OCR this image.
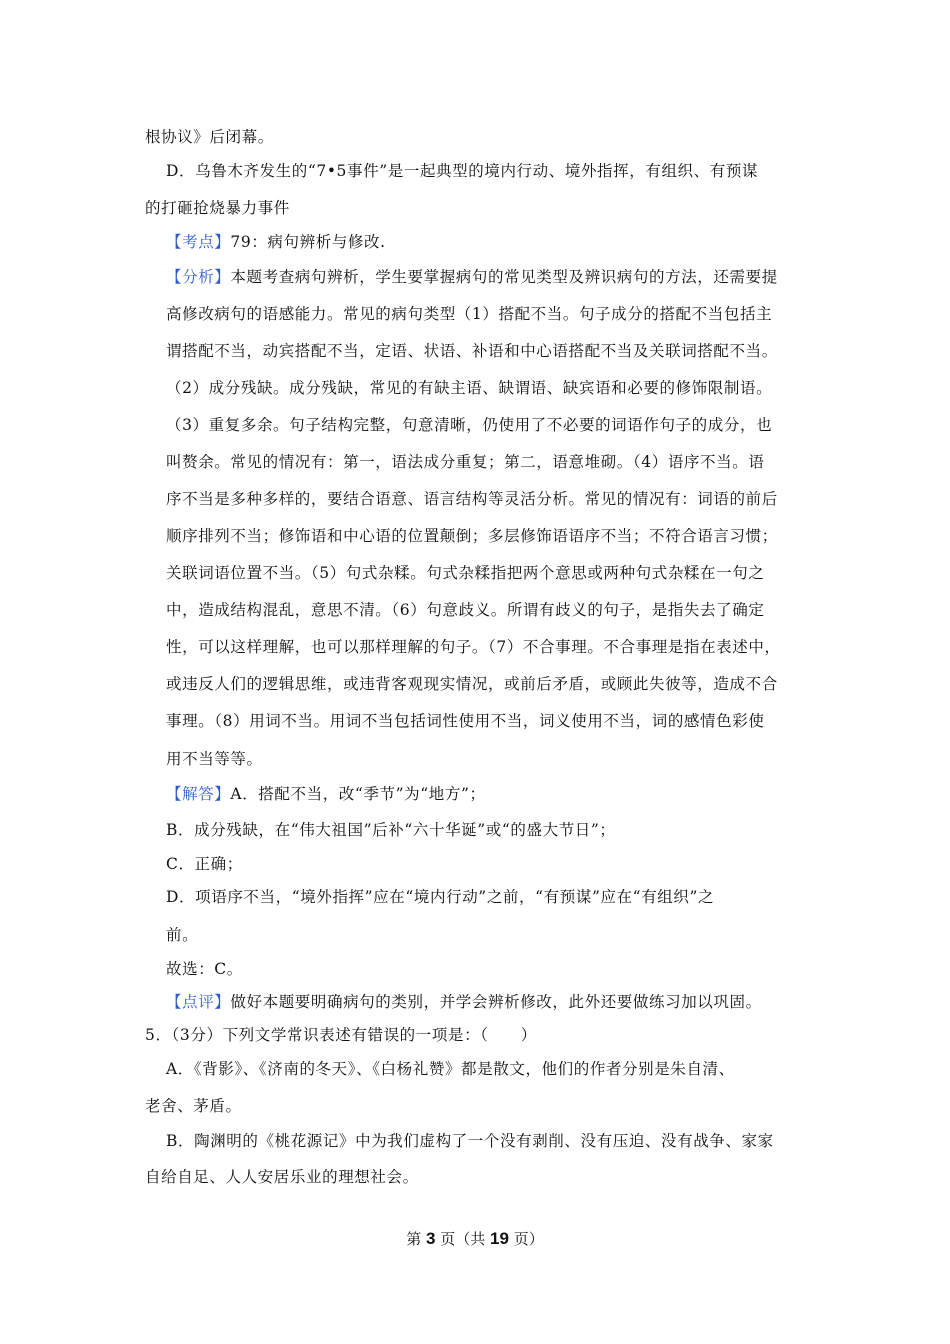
根协议》后闭幕。
D．乌鲁木齐发生的“7•5事件”是一起典型的境内行动、境外指挥，有组织、有预谋
的打砸抢烧暴力事件
【考点】79：病句辨析与修改.
【分析】本题考查病句辨析，学生要掌握病句的常见类型及辨识病句的方法，还需要提
高修改病句的语感能力。常见的病句类型（1）搭配不当。句子成分的搭配不当包括主
谓搭配不当，动宾搭配不当，定语、状语、补语和中心语搭配不当及关联词搭配不当。
（2）成分残缺。成分残缺，常见的有缺主语、缺谓语、缺宾语和必要的修饰限制语。
（3）重复多余。句子结构完整，句意清晰，仍使用了不必要的词语作句子的成分，也
叫赘余。常见的情况有：第一，语法成分重复；第二，语意堆砌。（4）语序不当。语
序不当是多种多样的，要结合语意、语言结构等灵活分析。常见的情况有：词语的前后
顺序排列不当；修饰语和中心语的位置颠倒；多层修饰语语序不当；不符合语言习惯；
关联词语位置不当。（5）句式杂糅。句式杂糅指把两个意思或两种句式杂糅在一句之
中，造成结构混乱，意思不清。（6）句意歧义。所谓有歧义的句子，是指失去了确定
性，可以这样理解，也可以那样理解的句子。（7）不合事理。不合事理是指在表述中，
或违反人们的逻辑思维，或违背客观现实情况，或前后矛盾，或顾此失彼等，造成不合
事理。（8）用词不当。用词不当包括词性使用不当，词义使用不当，词的感情色彩使
用不当等等。
【解答】A．搭配不当，改“季节”为“地方”；
B．成分残缺，在“伟大祖国”后补“六十华诞”或“的盛大节日”；
C．正确；
D．项语序不当，“境外指挥”应在“境内行动”之前，“有预谋”应在“有组织”之
前。
故选：C。
【点评】做好本题要明确病句的类别，并学会辨析修改，此外还要做练习加以巩固。
5．（3分）下列文学常识表述有错误的一项是：（　　）
A．《背影》、《济南的冬天》、《白杨礼赞》都是散文，他们的作者分别是朱自清、
老舍、茅盾。
B．陶渊明的《桃花源记》中为我们虚构了一个没有剥削、没有压迫、没有战争、家家
自给自足、人人安居乐业的理想社会。
第 3 页（共 19 页）
